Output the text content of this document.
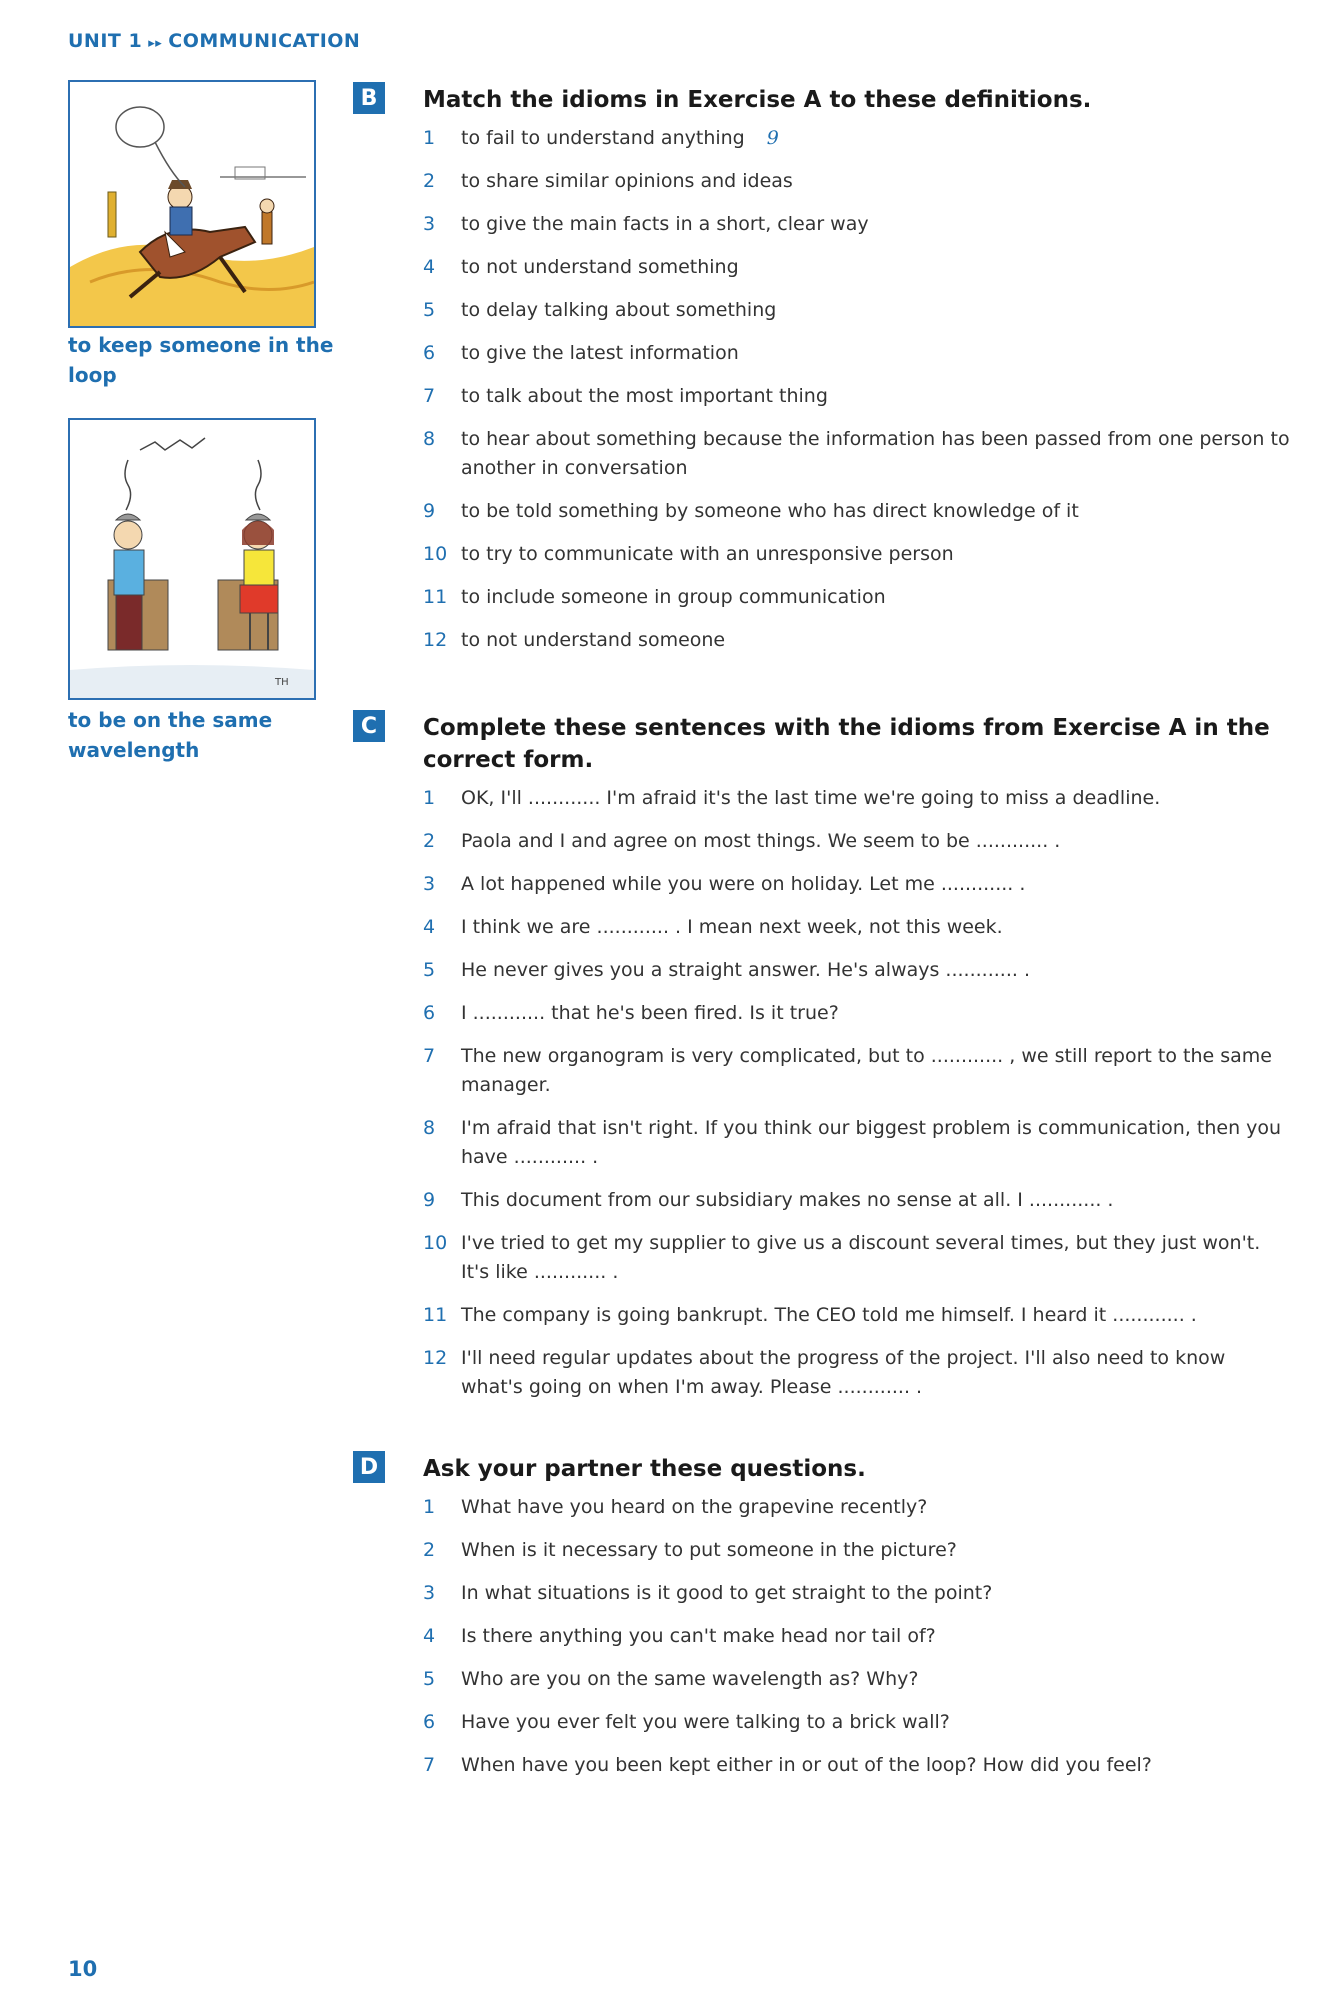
UNIT 1 ▸▸ COMMUNICATION
to keep someone in the loop
TH
to be on the same wavelength
B	Match the idioms in Exercise A to these definitions.
1	to fail to understand anything 9
2	to share similar opinions and ideas
3	to give the main facts in a short, clear way
4	to not understand something
5	to delay talking about something
6	to give the latest information
7	to talk about the most important thing
8	to hear about something because the information has been passed from one person to another in conversation
9	to be told something by someone who has direct knowledge of it
10 to try to communicate with an unresponsive person
11 to include someone in group communication
12 to not understand someone
C	Complete these sentences with the idioms from Exercise A in the correct form.
1	OK, I'll ............ I'm afraid it's the last time we're going to miss a deadline.
2	Paola and I and agree on most things. We seem to be ............ .
3	A lot happened while you were on holiday. Let me ............ .
4	I think we are ............ . I mean next week, not this week.
5	He never gives you a straight answer. He's always ............ .
6	I ............ that he's been fired. Is it true?
7	The new organogram is very complicated, but to ............ , we still report to the same manager.
8	I'm afraid that isn't right. If you think our biggest problem is communication, then you have ............ .
9	This document from our subsidiary makes no sense at all. I ............ .
10 I've tried to get my supplier to give us a discount several times, but they just won't. It's like ............ .
11 The company is going bankrupt. The CEO told me himself. I heard it ............ .
12 I'll need regular updates about the progress of the project. I'll also need to know what's going on when I'm away. Please ............ .
D Ask your partner these questions.
1	What have you heard on the grapevine recently?
2	When is it necessary to put someone in the picture?
3	In what situations is it good to get straight to the point?
4	Is there anything you can't make head nor tail of?
5	Who are you on the same wavelength as? Why?
6	Have you ever felt you were talking to a brick wall?
7	When have you been kept either in or out of the loop? How did you feel?
10
